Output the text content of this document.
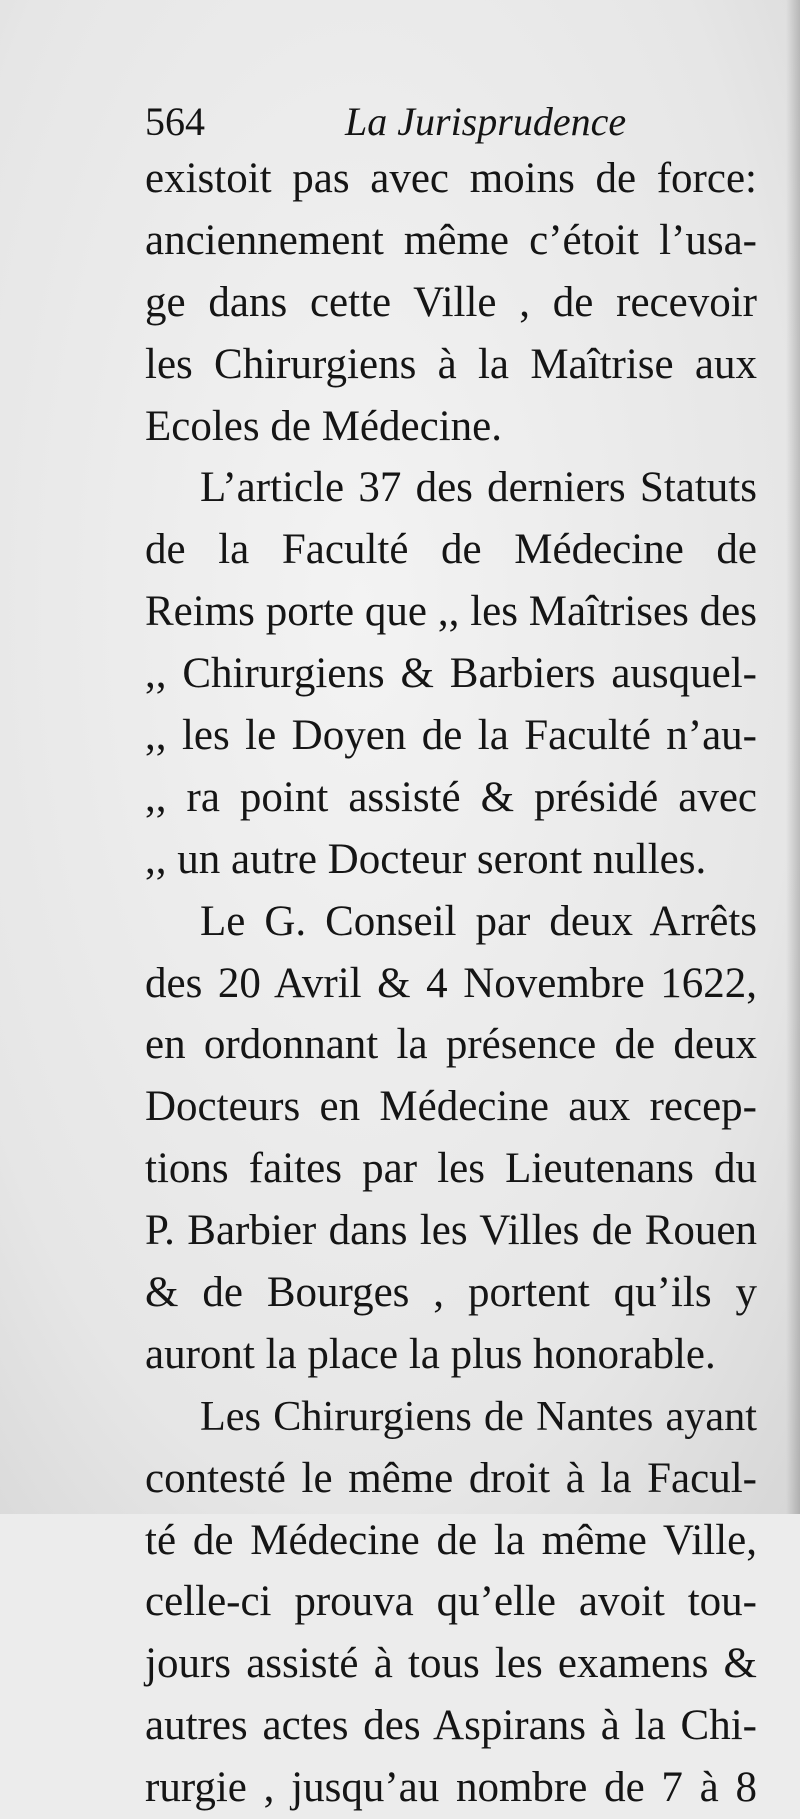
564	La Jurisprudence
existoit pas avec moins de force:
anciennement même c’étoit l’usa-
ge dans cette Ville , de recevoir
les Chirurgiens à la Maîtrise aux
Ecoles de Médecine.
L’article 37 des derniers Statuts
de la Faculté de Médecine de
Reims porte que ,, les Maîtrises des
,, Chirurgiens & Barbiers ausquel-
,, les le Doyen de la Faculté n’au-
,, ra point assisté & présidé avec
,, un autre Docteur seront nulles.
Le G. Conseil par deux Arrêts
des 20 Avril & 4 Novembre 1622,
en ordonnant la présence de deux
Docteurs en Médecine aux recep-
tions faites par les Lieutenans du
P. Barbier dans les Villes de Rouen
& de Bourges , portent qu’ils y
auront la place la plus honorable.
Les Chirurgiens de Nantes ayant
contesté le même droit à la Facul-
té de Médecine de la même Ville,
celle-ci prouva qu’elle avoit tou-
jours assisté à tous les examens &
autres actes des Aspirans à la Chi-
rurgie , jusqu’au nombre de 7 à 8
